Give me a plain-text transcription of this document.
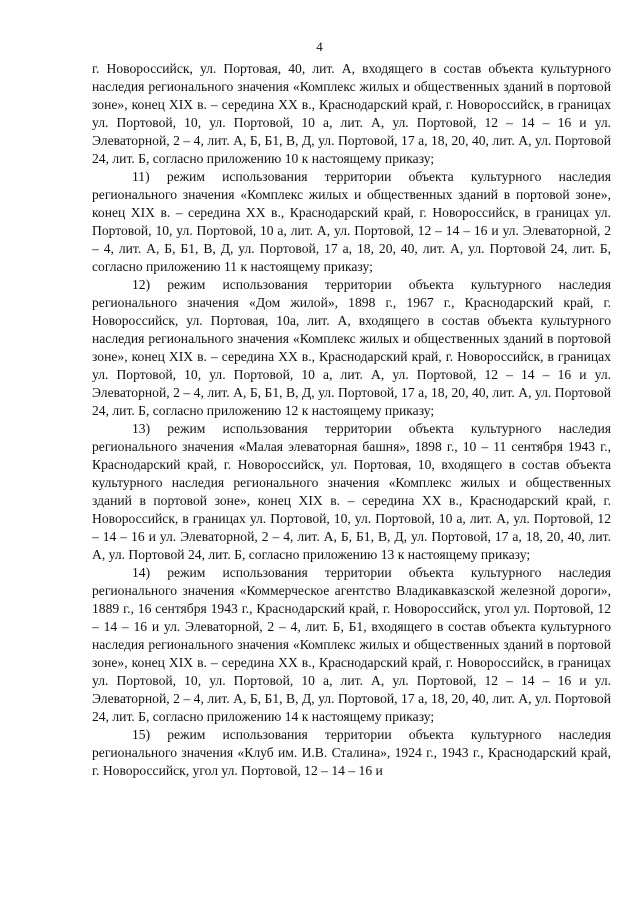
4

г. Новороссийск, ул. Портовая, 40, лит. А, входящего в состав объекта культурного наследия регионального значения «Комплекс жилых и общественных зданий в портовой зоне», конец XIX в. – середина XX в., Краснодарский край, г. Новороссийск, в границах ул. Портовой, 10, ул. Портовой, 10 а, лит. А, ул. Портовой, 12 – 14 – 16 и ул. Элеваторной, 2 – 4, лит. А, Б, Б1, В, Д, ул. Портовой, 17 а, 18, 20, 40, лит. А, ул. Портовой 24, лит. Б, согласно приложению 10 к настоящему приказу;

11) режим использования территории объекта культурного наследия регионального значения «Комплекс жилых и общественных зданий в портовой зоне», конец XIX в. – середина XX в., Краснодарский край, г. Новороссийск, в границах ул. Портовой, 10, ул. Портовой, 10 а, лит. А, ул. Портовой, 12 – 14 – 16 и ул. Элеваторной, 2 – 4, лит. А, Б, Б1, В, Д, ул. Портовой, 17 а, 18, 20, 40, лит. А, ул. Портовой 24, лит. Б, согласно приложению 11 к настоящему приказу;

12) режим использования территории объекта культурного наследия регионального значения «Дом жилой», 1898 г., 1967 г., Краснодарский край, г. Новороссийск, ул. Портовая, 10а, лит. А, входящего в состав объекта культурного наследия регионального значения «Комплекс жилых и общественных зданий в портовой зоне», конец XIX в. – середина XX в., Краснодарский край, г. Новороссийск, в границах ул. Портовой, 10, ул. Портовой, 10 а, лит. А, ул. Портовой, 12 – 14 – 16 и ул. Элеваторной, 2 – 4, лит. А, Б, Б1, В, Д, ул. Портовой, 17 а, 18, 20, 40, лит. А, ул. Портовой 24, лит. Б, согласно приложению 12 к настоящему приказу;

13) режим использования территории объекта культурного наследия регионального значения «Малая элеваторная башня», 1898 г., 10 – 11 сентября 1943 г., Краснодарский край, г. Новороссийск, ул. Портовая, 10, входящего в состав объекта культурного наследия регионального значения «Комплекс жилых и общественных зданий в портовой зоне», конец XIX в. – середина XX в., Краснодарский край, г. Новороссийск, в границах ул. Портовой, 10, ул. Портовой, 10 а, лит. А, ул. Портовой, 12 – 14 – 16 и ул. Элеваторной, 2 – 4, лит. А, Б, Б1, В, Д, ул. Портовой, 17 а, 18, 20, 40, лит. А, ул. Портовой 24, лит. Б, согласно приложению 13 к настоящему приказу;

14) режим использования территории объекта культурного наследия регионального значения «Коммерческое агентство Владикавказской железной дороги», 1889 г., 16 сентября 1943 г., Краснодарский край, г. Новороссийск, угол ул. Портовой, 12 – 14 – 16 и ул. Элеваторной, 2 – 4, лит. Б, Б1, входящего в состав объекта культурного наследия регионального значения «Комплекс жилых и общественных зданий в портовой зоне», конец XIX в. – середина XX в., Краснодарский край, г. Новороссийск, в границах ул. Портовой, 10, ул. Портовой, 10 а, лит. А, ул. Портовой, 12 – 14 – 16 и ул. Элеваторной, 2 – 4, лит. А, Б, Б1, В, Д, ул. Портовой, 17 а, 18, 20, 40, лит. А, ул. Портовой 24, лит. Б, согласно приложению 14 к настоящему приказу;

15) режим использования территории объекта культурного наследия регионального значения «Клуб им. И.В. Сталина», 1924 г., 1943 г., Краснодарский край, г. Новороссийск, угол ул. Портовой, 12 – 14 – 16 и
